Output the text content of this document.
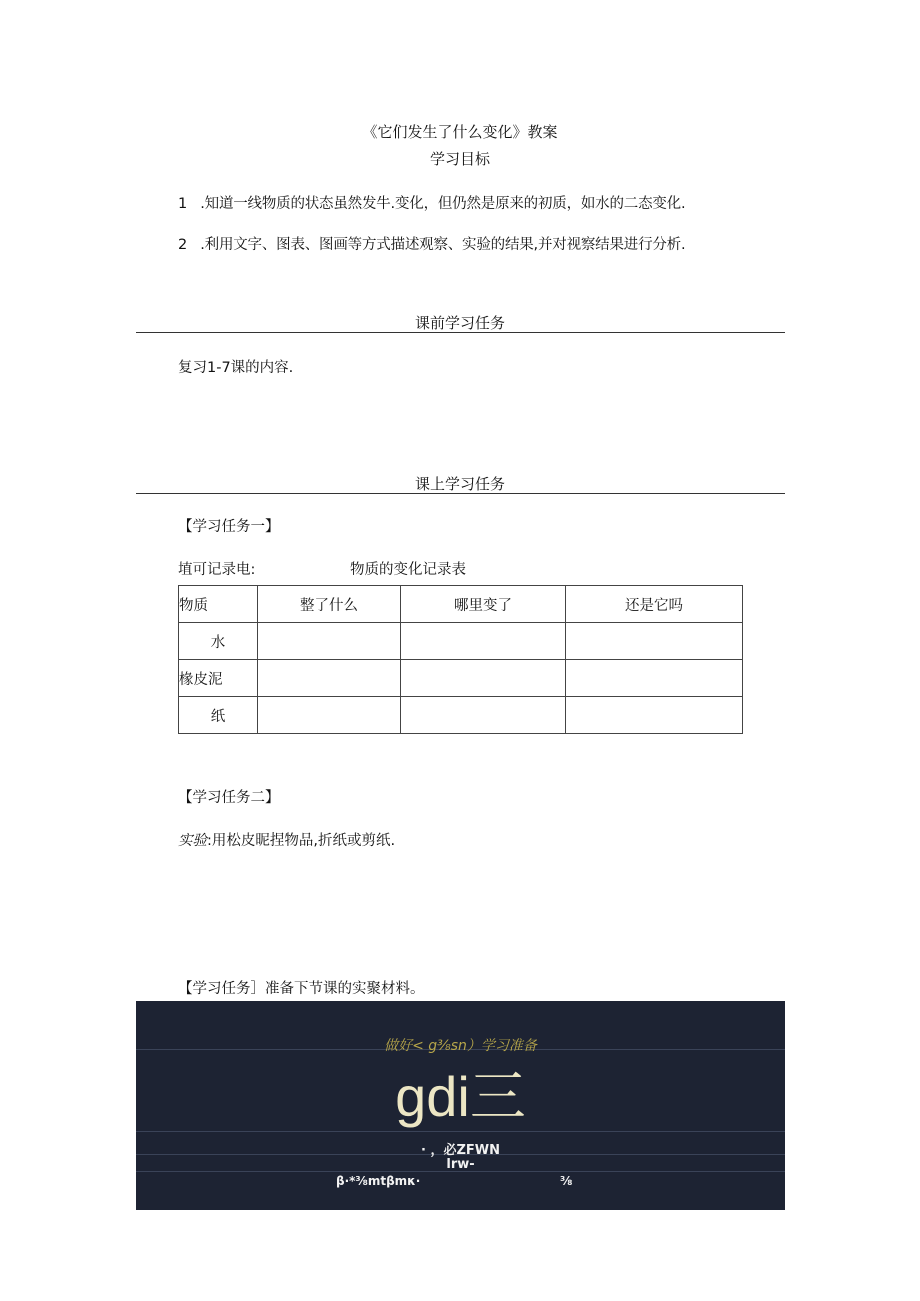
《它们发生了什么变化》教案
学习目标
1   .知道一线物质的状态虽然发牛.变化，但仍然是原来的初质，如水的二态变化.
2   .利用文字、图表、图画等方式描述观察、实验的结果,并对视察结果进行分析.
课前学习任务
复习1-7课的内容.
课上学习任务
【学习任务一】
埴可记录电:	物质的变化记录表
物质	整了什么	哪里变了	还是它吗
水			
椽皮泥			
纸			
【学习任务二】
实验:用松皮昵捏物品,折纸或剪纸.
【学习任务］准备下节课的实聚材料。
做好< g⅜sn）学习准备
gdi三
· ，必ZFWN
lrw-
β·*⅜mtβmκ·	⅜
